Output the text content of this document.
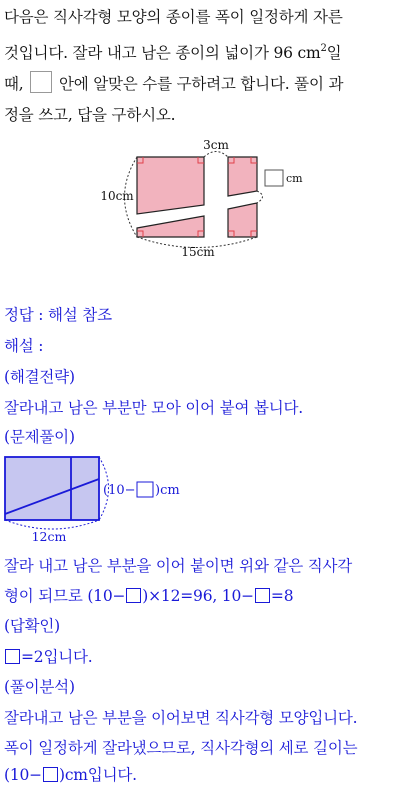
다음은 직사각형 모양의 종이를 폭이 일정하게 자른
것입니다. 잘라 내고 남은 종이의 넓이가 96 $cm^2$일
때, 안에 알맞은 수를 구하려고 합니다. 풀이 과
정을 쓰고, 답을 구하시오.
3cm
10cm
15cm
cm
정답 : 해설 참조
해설 :
(해결전략)
잘라내고 남은 부분만 모아 이어 붙여 봅니다.
(문제풀이)
(10− )cm
12cm
잘라 내고 남은 부분을 이어 붙이면 위와 같은 직사각
형이 되므로 (10− )×12=96, 10− =8
(답확인)
=2입니다.
(풀이분석)
잘라내고 남은 부분을 이어보면 직사각형 모양입니다.
폭이 일정하게 잘라냈으므로, 직사각형의 세로 길이는
(10− )cm입니다.
